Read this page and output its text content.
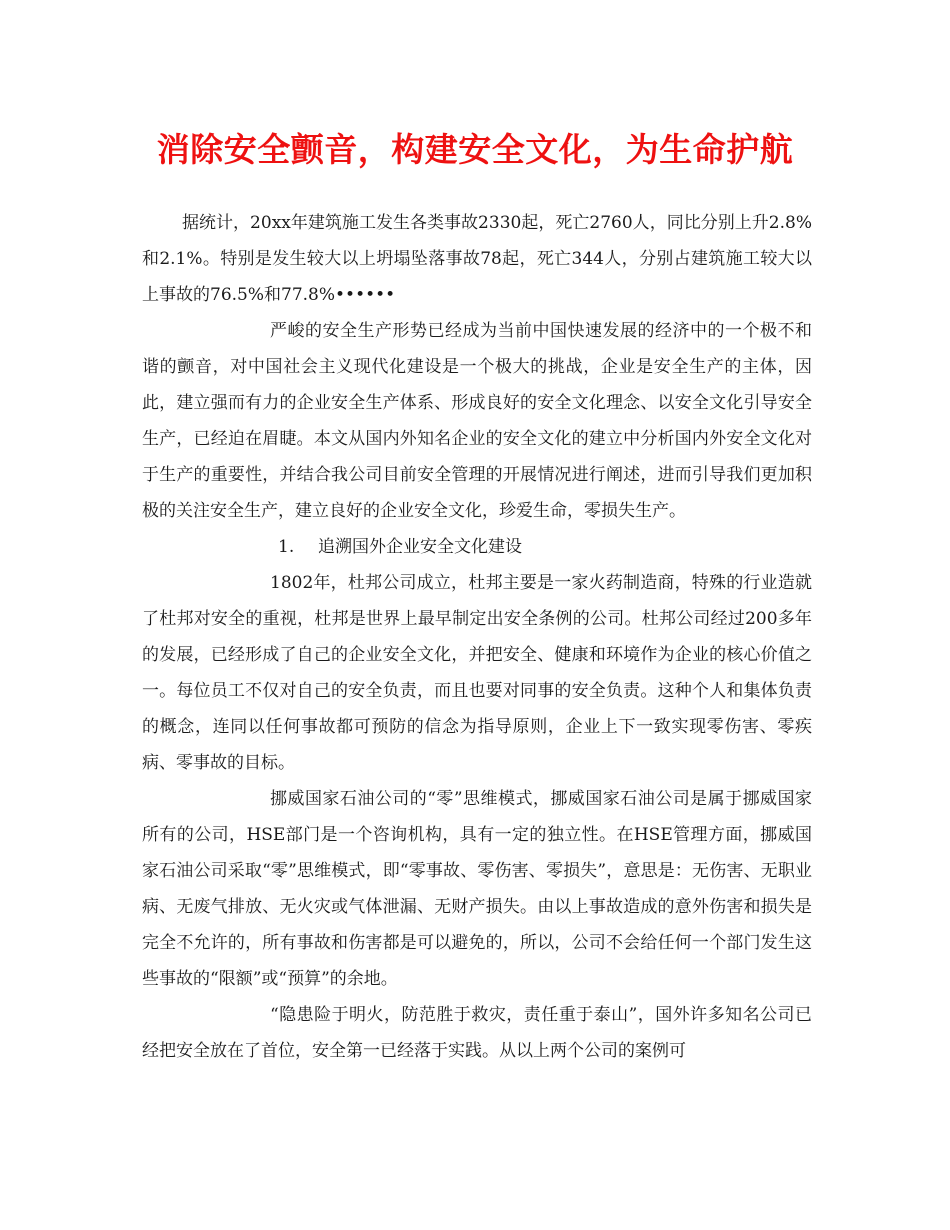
消除安全颤音，构建安全文化，为生命护航

据统计，20xx年建筑施工发生各类事故2330起，死亡2760人，同比分别上升2.8%和2.1%。特别是发生较大以上坍塌坠落事故78起，死亡344人，分别占建筑施工较大以上事故的76.5%和77.8%••••••

严峻的安全生产形势已经成为当前中国快速发展的经济中的一个极不和谐的颤音，对中国社会主义现代化建设是一个极大的挑战，企业是安全生产的主体，因此，建立强而有力的企业安全生产体系、形成良好的安全文化理念、以安全文化引导安全生产，已经迫在眉睫。本文从国内外知名企业的安全文化的建立中分析国内外安全文化对于生产的重要性，并结合我公司目前安全管理的开展情况进行阐述，进而引导我们更加积极的关注安全生产，建立良好的企业安全文化，珍爱生命，零损失生产。

1. 追溯国外企业安全文化建设

1802年，杜邦公司成立，杜邦主要是一家火药制造商，特殊的行业造就了杜邦对安全的重视，杜邦是世界上最早制定出安全条例的公司。杜邦公司经过200多年的发展，已经形成了自己的企业安全文化，并把安全、健康和环境作为企业的核心价值之一。每位员工不仅对自己的安全负责，而且也要对同事的安全负责。这种个人和集体负责的概念，连同以任何事故都可预防的信念为指导原则，企业上下一致实现零伤害、零疾病、零事故的目标。

挪威国家石油公司的“零”思维模式，挪威国家石油公司是属于挪威国家所有的公司，HSE部门是一个咨询机构，具有一定的独立性。在HSE管理方面，挪威国家石油公司采取“零”思维模式，即“零事故、零伤害、零损失”，意思是：无伤害、无职业病、无废气排放、无火灾或气体泄漏、无财产损失。由以上事故造成的意外伤害和损失是完全不允许的，所有事故和伤害都是可以避免的，所以，公司不会给任何一个部门发生这些事故的“限额”或“预算”的余地。

“隐患险于明火，防范胜于救灾，责任重于泰山”，国外许多知名公司已经把安全放在了首位，安全第一已经落于实践。从以上两个公司的案例可
